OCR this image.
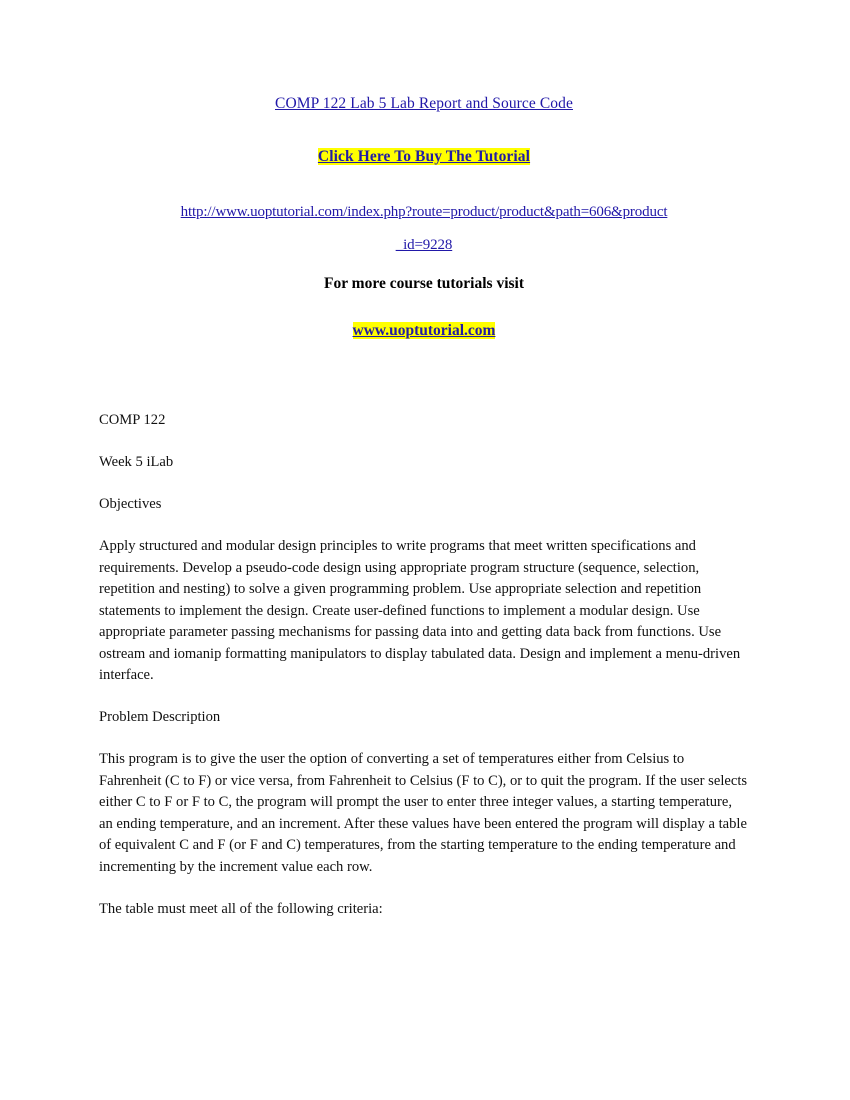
COMP 122 Lab 5 Lab Report and Source Code
Click Here To Buy The Tutorial
http://www.uoptutorial.com/index.php?route=product/product&path=606&product
_id=9228
For more course tutorials visit
www.uoptutorial.com

COMP 122

Week 5 iLab

Objectives

Apply structured and modular design principles to write programs that meet written specifications and requirements. Develop a pseudo-code design using appropriate program structure (sequence, selection, repetition and nesting) to solve a given programming problem. Use appropriate selection and repetition statements to implement the design. Create user-defined functions to implement a modular design. Use appropriate parameter passing mechanisms for passing data into and getting data back from functions. Use ostream and iomanip formatting manipulators to display tabulated data. Design and implement a menu-driven interface.

Problem Description

This program is to give the user the option of converting a set of temperatures either from Celsius to Fahrenheit (C to F) or vice versa, from Fahrenheit to Celsius (F to C), or to quit the program. If the user selects either C to F or F to C, the program will prompt the user to enter three integer values, a starting temperature, an ending temperature, and an increment. After these values have been entered the program will display a table of equivalent C and F (or F and C) temperatures, from the starting temperature to the ending temperature and incrementing by the increment value each row.

The table must meet all of the following criteria:
